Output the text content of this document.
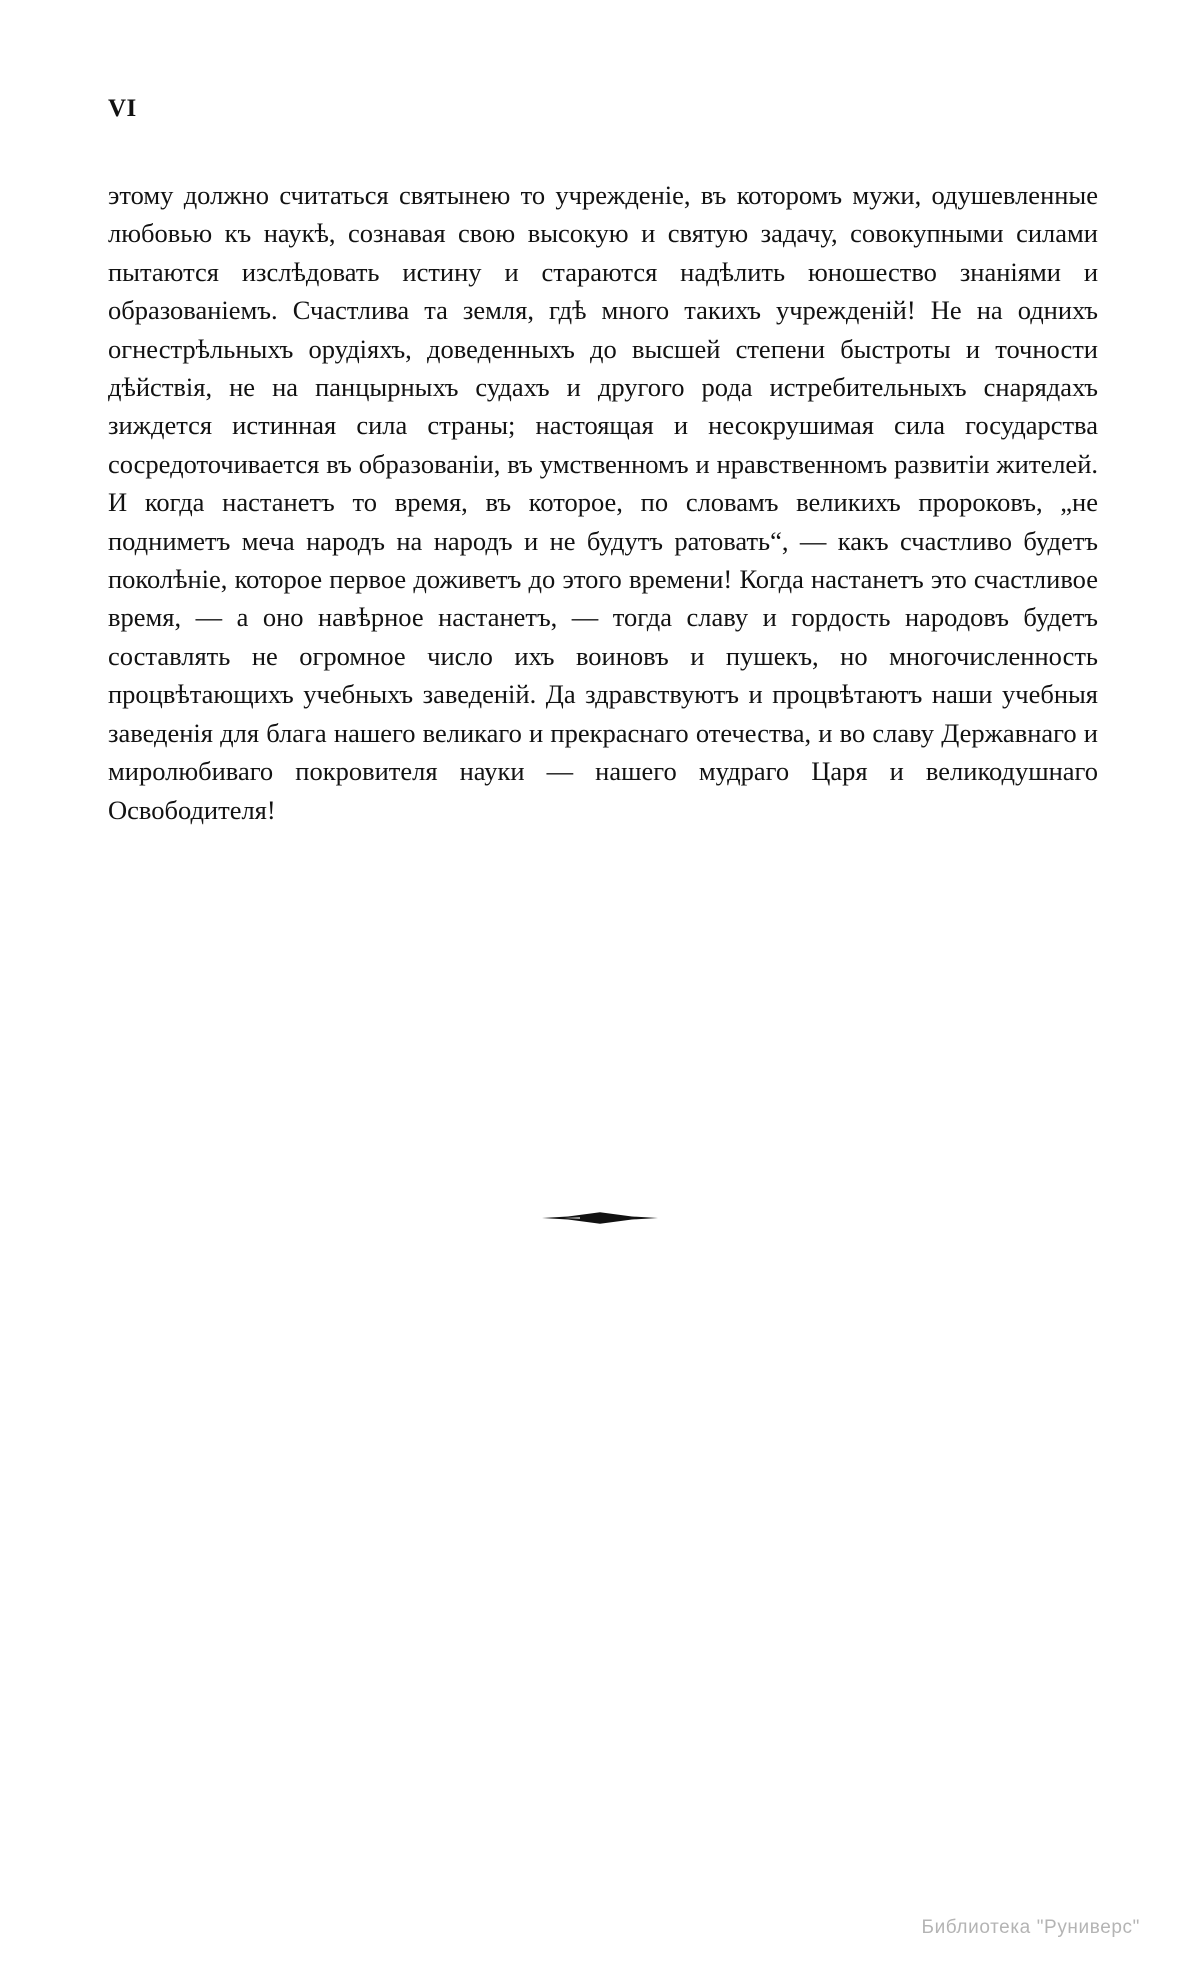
VI

этому должно считаться святынею то учрежденіе, въ которомъ мужи, одушевленные любовью къ наукѣ, сознавая свою высокую и святую задачу, совокупными силами пытаются изслѣдовать истину и стараются надѣлить юношество знаніями и образованіемъ. Счастлива та земля, гдѣ много такихъ учрежденій! Не на однихъ огнестрѣльныхъ орудіяхъ, доведенныхъ до высшей степени быстроты и точности дѣйствія, не на панцырныхъ судахъ и другого рода истребительныхъ снарядахъ зиждется истинная сила страны; настоящая и несокрушимая сила государства сосредоточивается въ образованіи, въ умственномъ и нравственномъ развитіи жителей. И когда настанетъ то время, въ которое, по словамъ великихъ пророковъ, „не подниметъ меча народъ на народъ и не будутъ ратовать“, — какъ счастливо будетъ поколѣніе, которое первое доживетъ до этого времени! Когда настанетъ это счастливое время, — а оно навѣрное настанетъ, — тогда славу и гордость народовъ будетъ составлять не огромное число ихъ воиновъ и пушекъ, но многочисленность процвѣтающихъ учебныхъ заведеній. Да здравствуютъ и процвѣтаютъ наши учебныя заведенія для блага нашего великаго и прекраснаго отечества, и во славу Державнаго и миролюбиваго покровителя науки — нашего мудраго Царя и великодушнаго Освободителя!

Библиотека "Руниверс"
